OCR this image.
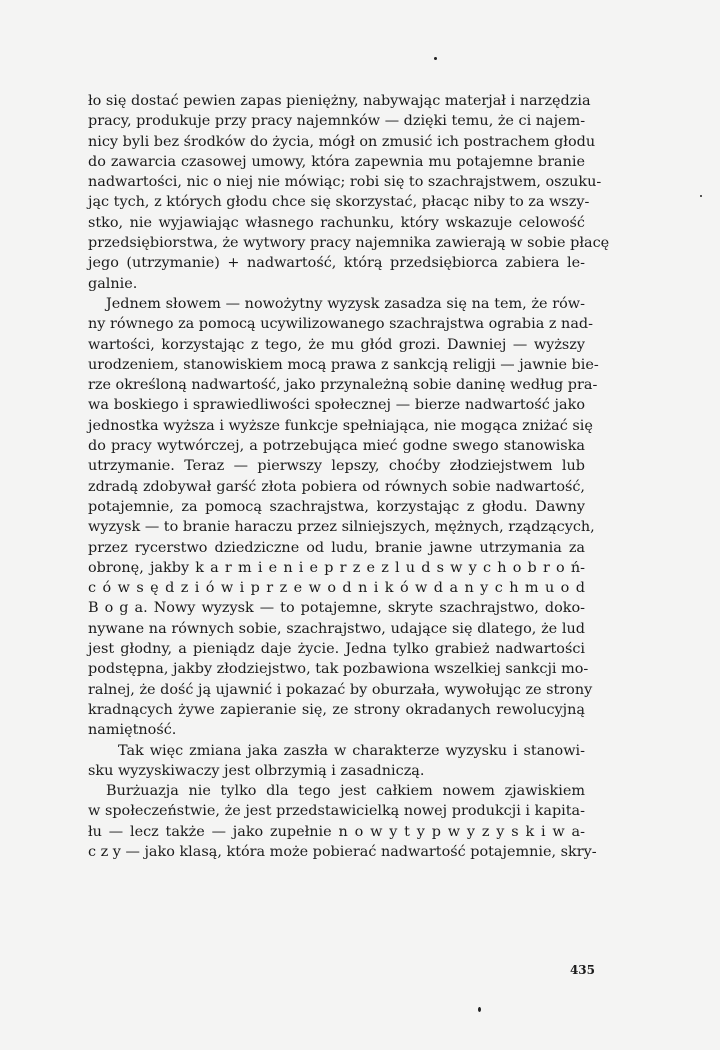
ło się dostać pewien zapas pieniężny, nabywając materjał i narzędzia
pracy, produkuje przy pracy najemnków — dzięki temu, że ci najem-
nicy byli bez środków do życia, mógł on zmusić ich postrachem głodu
do zawarcia czasowej umowy, która zapewnia mu potajemne branie
nadwartości, nic o niej nie mówiąc; robi się to szachrajstwem, oszuku-
jąc tych, z których głodu chce się skorzystać, płacąc niby to za wszy-
stko, nie wyjawiając własnego rachunku, który wskazuje celowość
przedsiębiorstwa, że wytwory pracy najemnika zawierają w sobie płacę
jego (utrzymanie) + nadwartość, którą przedsiębiorca zabiera le-
galnie.
Jednem słowem — nowożytny wyzysk zasadza się na tem, że rów-
ny równego za pomocą ucywilizowanego szachrajstwa ograbia z nad-
wartości, korzystając z tego, że mu głód grozi. Dawniej — wyższy
urodzeniem, stanowiskiem mocą prawa z sankcją religji — jawnie bie-
rze określoną nadwartość, jako przynależną sobie daninę według pra-
wa boskiego i sprawiedliwości społecznej — bierze nadwartość jako
jednostka wyższa i wyższe funkcje spełniająca, nie mogąca zniżać się
do pracy wytwórczej, a potrzebująca mieć godne swego stanowiska
utrzymanie. Teraz — pierwszy lepszy, choćby złodziejstwem lub
zdradą zdobywał garść złota pobiera od równych sobie nadwartość,
potajemnie, za pomocą szachrajstwa, korzystając z głodu. Dawny
wyzysk — to branie haraczu przez silniejszych, mężnych, rządzących,
przez rycerstwo dziedziczne od ludu, branie jawne utrzymania za
obronę, jakby k a r m i e n i e p r z e z l u d s w y c h o b r o ń-
c ó w s ę d z i ó w i p r z e w o d n i k ó w d a n y c h m u o d
B o g a. Nowy wyzysk — to potajemne, skryte szachrajstwo, doko-
nywane na równych sobie, szachrajstwo, udające się dlatego, że lud
jest głodny, a pieniądz daje życie. Jedna tylko grabież nadwartości
podstępna, jakby złodziejstwo, tak pozbawiona wszelkiej sankcji mo-
ralnej, że dość ją ujawnić i pokazać by oburzała, wywołując ze strony
kradnących żywe zapieranie się, ze strony okradanych rewolucyjną
namiętność.
Tak więc zmiana jaka zaszła w charakterze wyzysku i stanowi-
sku wyzyskiwaczy jest olbrzymią i zasadniczą.
Burżuazja nie tylko dla tego jest całkiem nowem zjawiskiem
w społeczeństwie, że jest przedstawicielką nowej produkcji i kapita-
łu — lecz także — jako zupełnie n o w y t y p w y z y s k i w a-
c z y — jako klasą, która może pobierać nadwartość potajemnie, skry-
435
